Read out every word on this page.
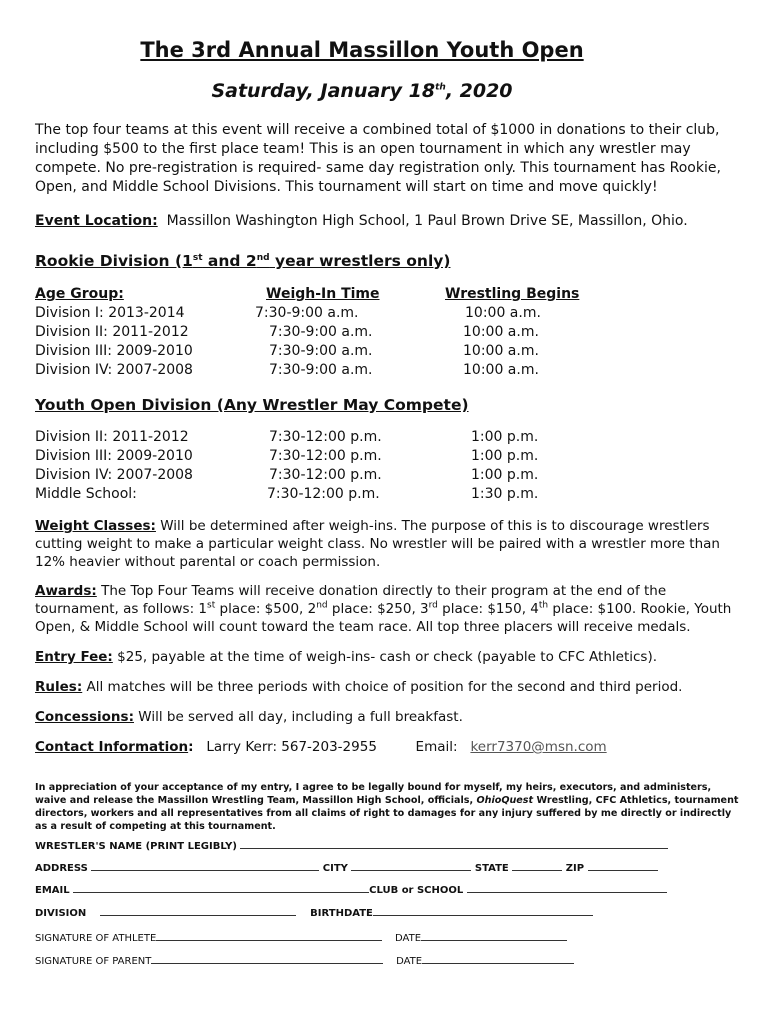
The 3rd Annual Massillon Youth Open
Saturday, January 18th, 2020
The top four teams at this event will receive a combined total of $1000 in donations to their club, including $500 to the first place team! This is an open tournament in which any wrestler may compete. No pre-registration is required- same day registration only. This tournament has Rookie, Open, and Middle School Divisions. This tournament will start on time and move quickly!
Event Location: Massillon Washington High School, 1 Paul Brown Drive SE, Massillon, Ohio.
Rookie Division (1st and 2nd year wrestlers only)
Age Group:	Weigh-In Time	Wrestling Begins
Division I: 2013-2014	7:30-9:00 a.m.	10:00 a.m.
Division II: 2011-2012	7:30-9:00 a.m.	10:00 a.m.
Division III: 2009-2010	7:30-9:00 a.m.	10:00 a.m.
Division IV: 2007-2008	7:30-9:00 a.m.	10:00 a.m.
Youth Open Division (Any Wrestler May Compete)
Division II: 2011-2012	7:30-12:00 p.m.	1:00 p.m.
Division III: 2009-2010	7:30-12:00 p.m.	1:00 p.m.
Division IV: 2007-2008	7:30-12:00 p.m.	1:00 p.m.
Middle School:	7:30-12:00 p.m.	1:30 p.m.
Weight Classes: Will be determined after weigh-ins. The purpose of this is to discourage wrestlers cutting weight to make a particular weight class. No wrestler will be paired with a wrestler more than 12% heavier without parental or coach permission.
Awards: The Top Four Teams will receive donation directly to their program at the end of the tournament, as follows: 1st place: $500, 2nd place: $250, 3rd place: $150, 4th place: $100. Rookie, Youth Open, & Middle School will count toward the team race. All top three placers will receive medals.
Entry Fee: $25, payable at the time of weigh-ins- cash or check (payable to CFC Athletics).
Rules: All matches will be three periods with choice of position for the second and third period.
Concessions: Will be served all day, including a full breakfast.
Contact Information: Larry Kerr: 567-203-2955	Email: kerr7370@msn.com
In appreciation of your acceptance of my entry, I agree to be legally bound for myself, my heirs, executors, and administers, waive and release the Massillon Wrestling Team, Massillon High School, officials, OhioQuest Wrestling, CFC Athletics, tournament directors, workers and all representatives from all claims of right to damages for any injury suffered by me directly or indirectly as a result of competing at this tournament.
WRESTLER'S NAME (PRINT LEGIBLY)
ADDRESS	CITY	STATE	ZIP
EMAIL	CLUB or SCHOOL
DIVISION	BIRTHDATE
SIGNATURE OF ATHLETE	DATE
SIGNATURE OF PARENT	DATE
